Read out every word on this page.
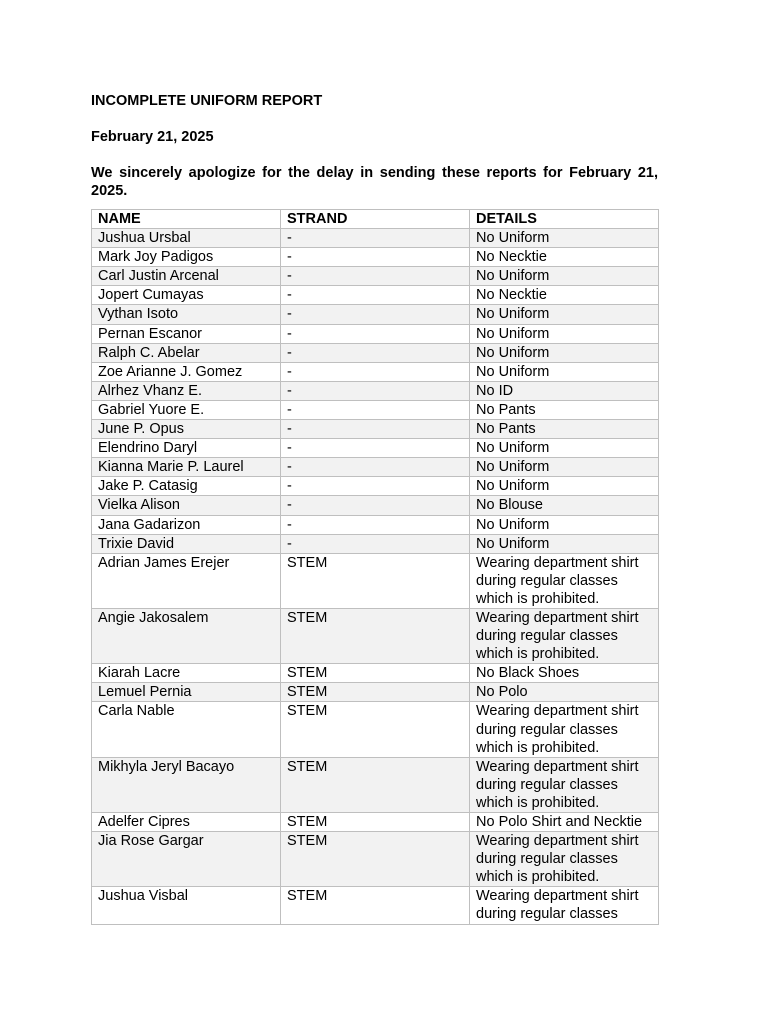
INCOMPLETE UNIFORM REPORT

February 21, 2025

We sincerely apologize for the delay in sending these reports for February 21, 2025.

NAME	STRAND	DETAILS
Jushua Ursbal	-	No Uniform
Mark Joy Padigos	-	No Necktie
Carl Justin Arcenal	-	No Uniform
Jopert Cumayas	-	No Necktie
Vythan Isoto	-	No Uniform
Pernan Escanor	-	No Uniform
Ralph C. Abelar	-	No Uniform
Zoe Arianne J. Gomez	-	No Uniform
Alrhez Vhanz E.	-	No ID
Gabriel Yuore E.	-	No Pants
June P. Opus	-	No Pants
Elendrino Daryl	-	No Uniform
Kianna Marie P. Laurel	-	No Uniform
Jake P. Catasig	-	No Uniform
Vielka Alison	-	No Blouse
Jana Gadarizon	-	No Uniform
Trixie David	-	No Uniform
Adrian James Erejer	STEM	Wearing department shirt during regular classes which is prohibited.
Angie Jakosalem	STEM	Wearing department shirt during regular classes which is prohibited.
Kiarah Lacre	STEM	No Black Shoes
Lemuel Pernia	STEM	No Polo
Carla Nable	STEM	Wearing department shirt during regular classes which is prohibited.
Mikhyla Jeryl Bacayo	STEM	Wearing department shirt during regular classes which is prohibited.
Adelfer Cipres	STEM	No Polo Shirt and Necktie
Jia Rose Gargar	STEM	Wearing department shirt during regular classes which is prohibited.
Jushua Visbal	STEM	Wearing department shirt during regular classes
